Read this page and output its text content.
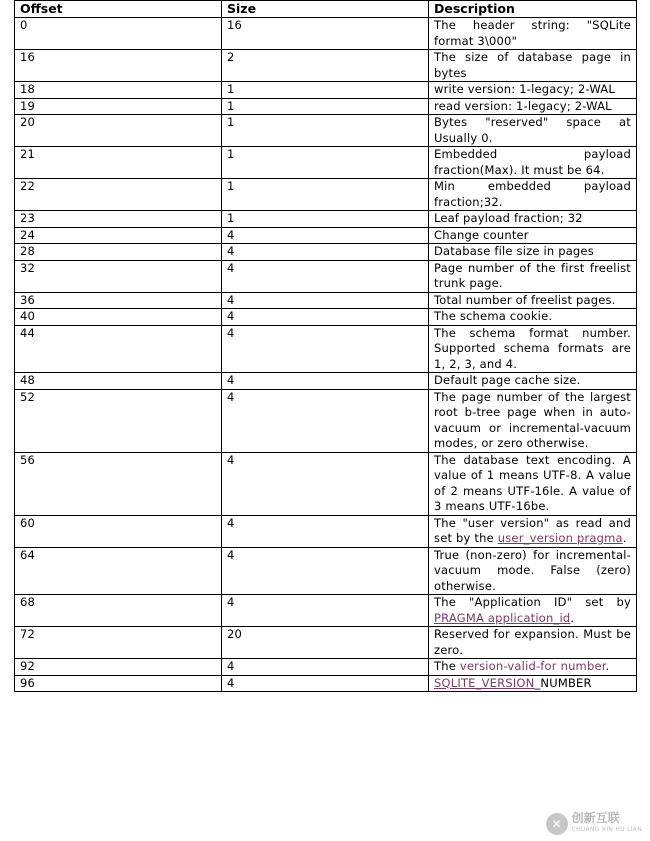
Offset	Size	Description
0	16	The header string: "SQLite format 3\000"
16	2	The size of database page in bytes
18	1	write version: 1-legacy; 2-WAL
19	1	read version: 1-legacy; 2-WAL
20	1	Bytes "reserved" space at Usually 0.
21	1	Embedded payload fraction(Max). It must be 64.
22	1	Min embedded payload fraction;32.
23	1	Leaf payload fraction; 32
24	4	Change counter
28	4	Database file size in pages
32	4	Page number of the first freelist trunk page.
36	4	Total number of freelist pages.
40	4	The schema cookie.
44	4	The schema format number. Supported schema formats are 1, 2, 3, and 4.
48	4	Default page cache size.
52	4	The page number of the largest root b-tree page when in auto-vacuum or incremental-vacuum modes, or zero otherwise.
56	4	The database text encoding. A value of 1 means UTF-8. A value of 2 means UTF-16le. A value of 3 means UTF-16be.
60	4	The "user version" as read and set by the user_version pragma.
64	4	True (non-zero) for incremental-vacuum mode. False (zero) otherwise.
68	4	The "Application ID" set by PRAGMA application_id.
72	20	Reserved for expansion. Must be zero.
92	4	The version-valid-for number.
96	4	SQLITE_VERSION_NUMBER
✕ 创新互联
CHUANG XIN HU LIAN
